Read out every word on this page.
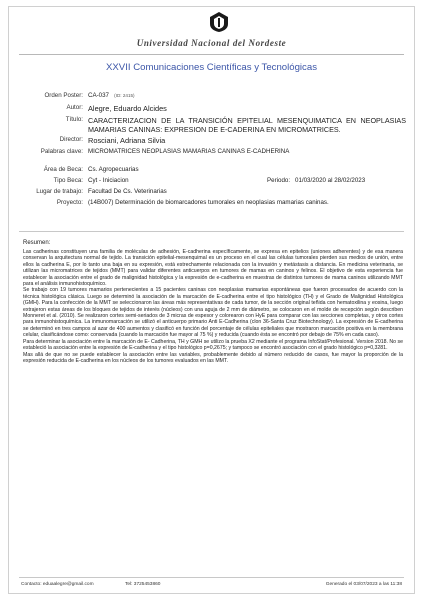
Universidad Nacional del Nordeste
XXVII Comunicaciones Científicas y Tecnológicas
Orden Poster: CA-037 (ID: 2415)
Autor: Alegre, Eduardo Alcides
Título: CARACTERIZACION DE LA TRANSICIÓN EPITELIAL MESENQUIMATICA EN NEOPLASIAS MAMARIAS CANINAS: EXPRESION DE E-CADERINA EN MICROMATRICES.
Director: Rosciani, Adriana Silvia
Palabras clave: MICROMATRICES NEOPLASIAS MAMARIAS CANINAS E-CADHERINA
Área de Beca: Cs. Agropecuarias
Tipo Beca: Cyt - Iniciacion	Periodo: 01/03/2020 al 28/02/2023
Lugar de trabajo: Facultad De Cs. Veterinarias
Proyecto: (14B007) Determinación de biomarcadores tumorales en neoplasias mamarias caninas.
Resumen:

Las cadherinas constituyen una familia de moléculas de adhesión, E-cadherina específicamente, se expresa en epitelios (uniones adherentes) y de esa manera conservan la arquitectura normal de tejido. La transición epitelial-mesenquimal es un proceso en el cual las células tumorales pierden sus medios de unión, entre ellos la cadherina E, por lo tanto una baja en su expresión, está estrechamente relacionada con la invasión y metástasis a distancia. En medicina veterinaria, se utilizan las micromatrices de tejidos (MMT) para validar diferentes anticuerpos en tumores de mamas en caninos y felinos. El objetivo de esta experiencia fue establecer la asociación entre el grado de malignidad histológica y la expresión de e-cadherina en muestras de distintos tumores de mama caninos utilizando MMT para el análisis inmunohistoquímico.

Se trabajo con 19 tumores mamarios pertenecientes a 15 pacientes caninas con neoplasias mamarias espontáneas que fueron procesados de acuerdo con la técnica histológica clásica. Luego se determinó la asociación de la marcación de E-cadherina entre el tipo histológico (TH) y el Grado de Malignidad Histológica (GMH). Para la confección de la MMT se seleccionaron las áreas más representativas de cada tumor, de la sección original teñida con hematoxilina y eosina, luego extrajeron estas áreas de los bloques de tejidos de interés (núcleos) con una aguja de 2 mm de diámetro, se colocaron en el molde de recepción según describen Monneret et al. (2010). Se realizaron cortes semi-seriados de 3 micras de espesor y colorearon con HyE para comparar con las secciones completas, y otros cortes para inmunohistoquímica. La inmunomarcación se utilizó el anticuerpo primario Anti E-Cadherina (clon 36-Santa Cruz Biotechnology). La expresión de E-cadherina se determinó en tres campos al azar de 400 aumentos y clasificó en función del porcentaje de células epiteliales que mostraron marcación positiva en la membrana celular, clasificándose como: conservada (cuando la marcación fue mayor al 75 %) y reducida (cuando ésta se encontró por debajo de 75% en cada caso).

Para determinar la asociación entre la marcación de E- Cadherina, TH y GMH se utilizo la prueba X2 mediante el programa InfoStat/Profesional. Version 2018. No se estableció la asociación entre la expresión de E-cadherina y el tipo histológico p=0,2675; y tampoco se encontró asociación con el grado histológico p=0,3281.

Mas allá de que no se puede establecer la asociación entre las variables, probablemente debido al número reducido de casos, fue mayor la proporción de la expresión reducida de E-cadherina en los núcleos de los tumores evaluados en las MMT.

Contacto: eduaalegre@gmail.com	Tel: 3725453860	Generado el 03/07/2023 a las 11:38
